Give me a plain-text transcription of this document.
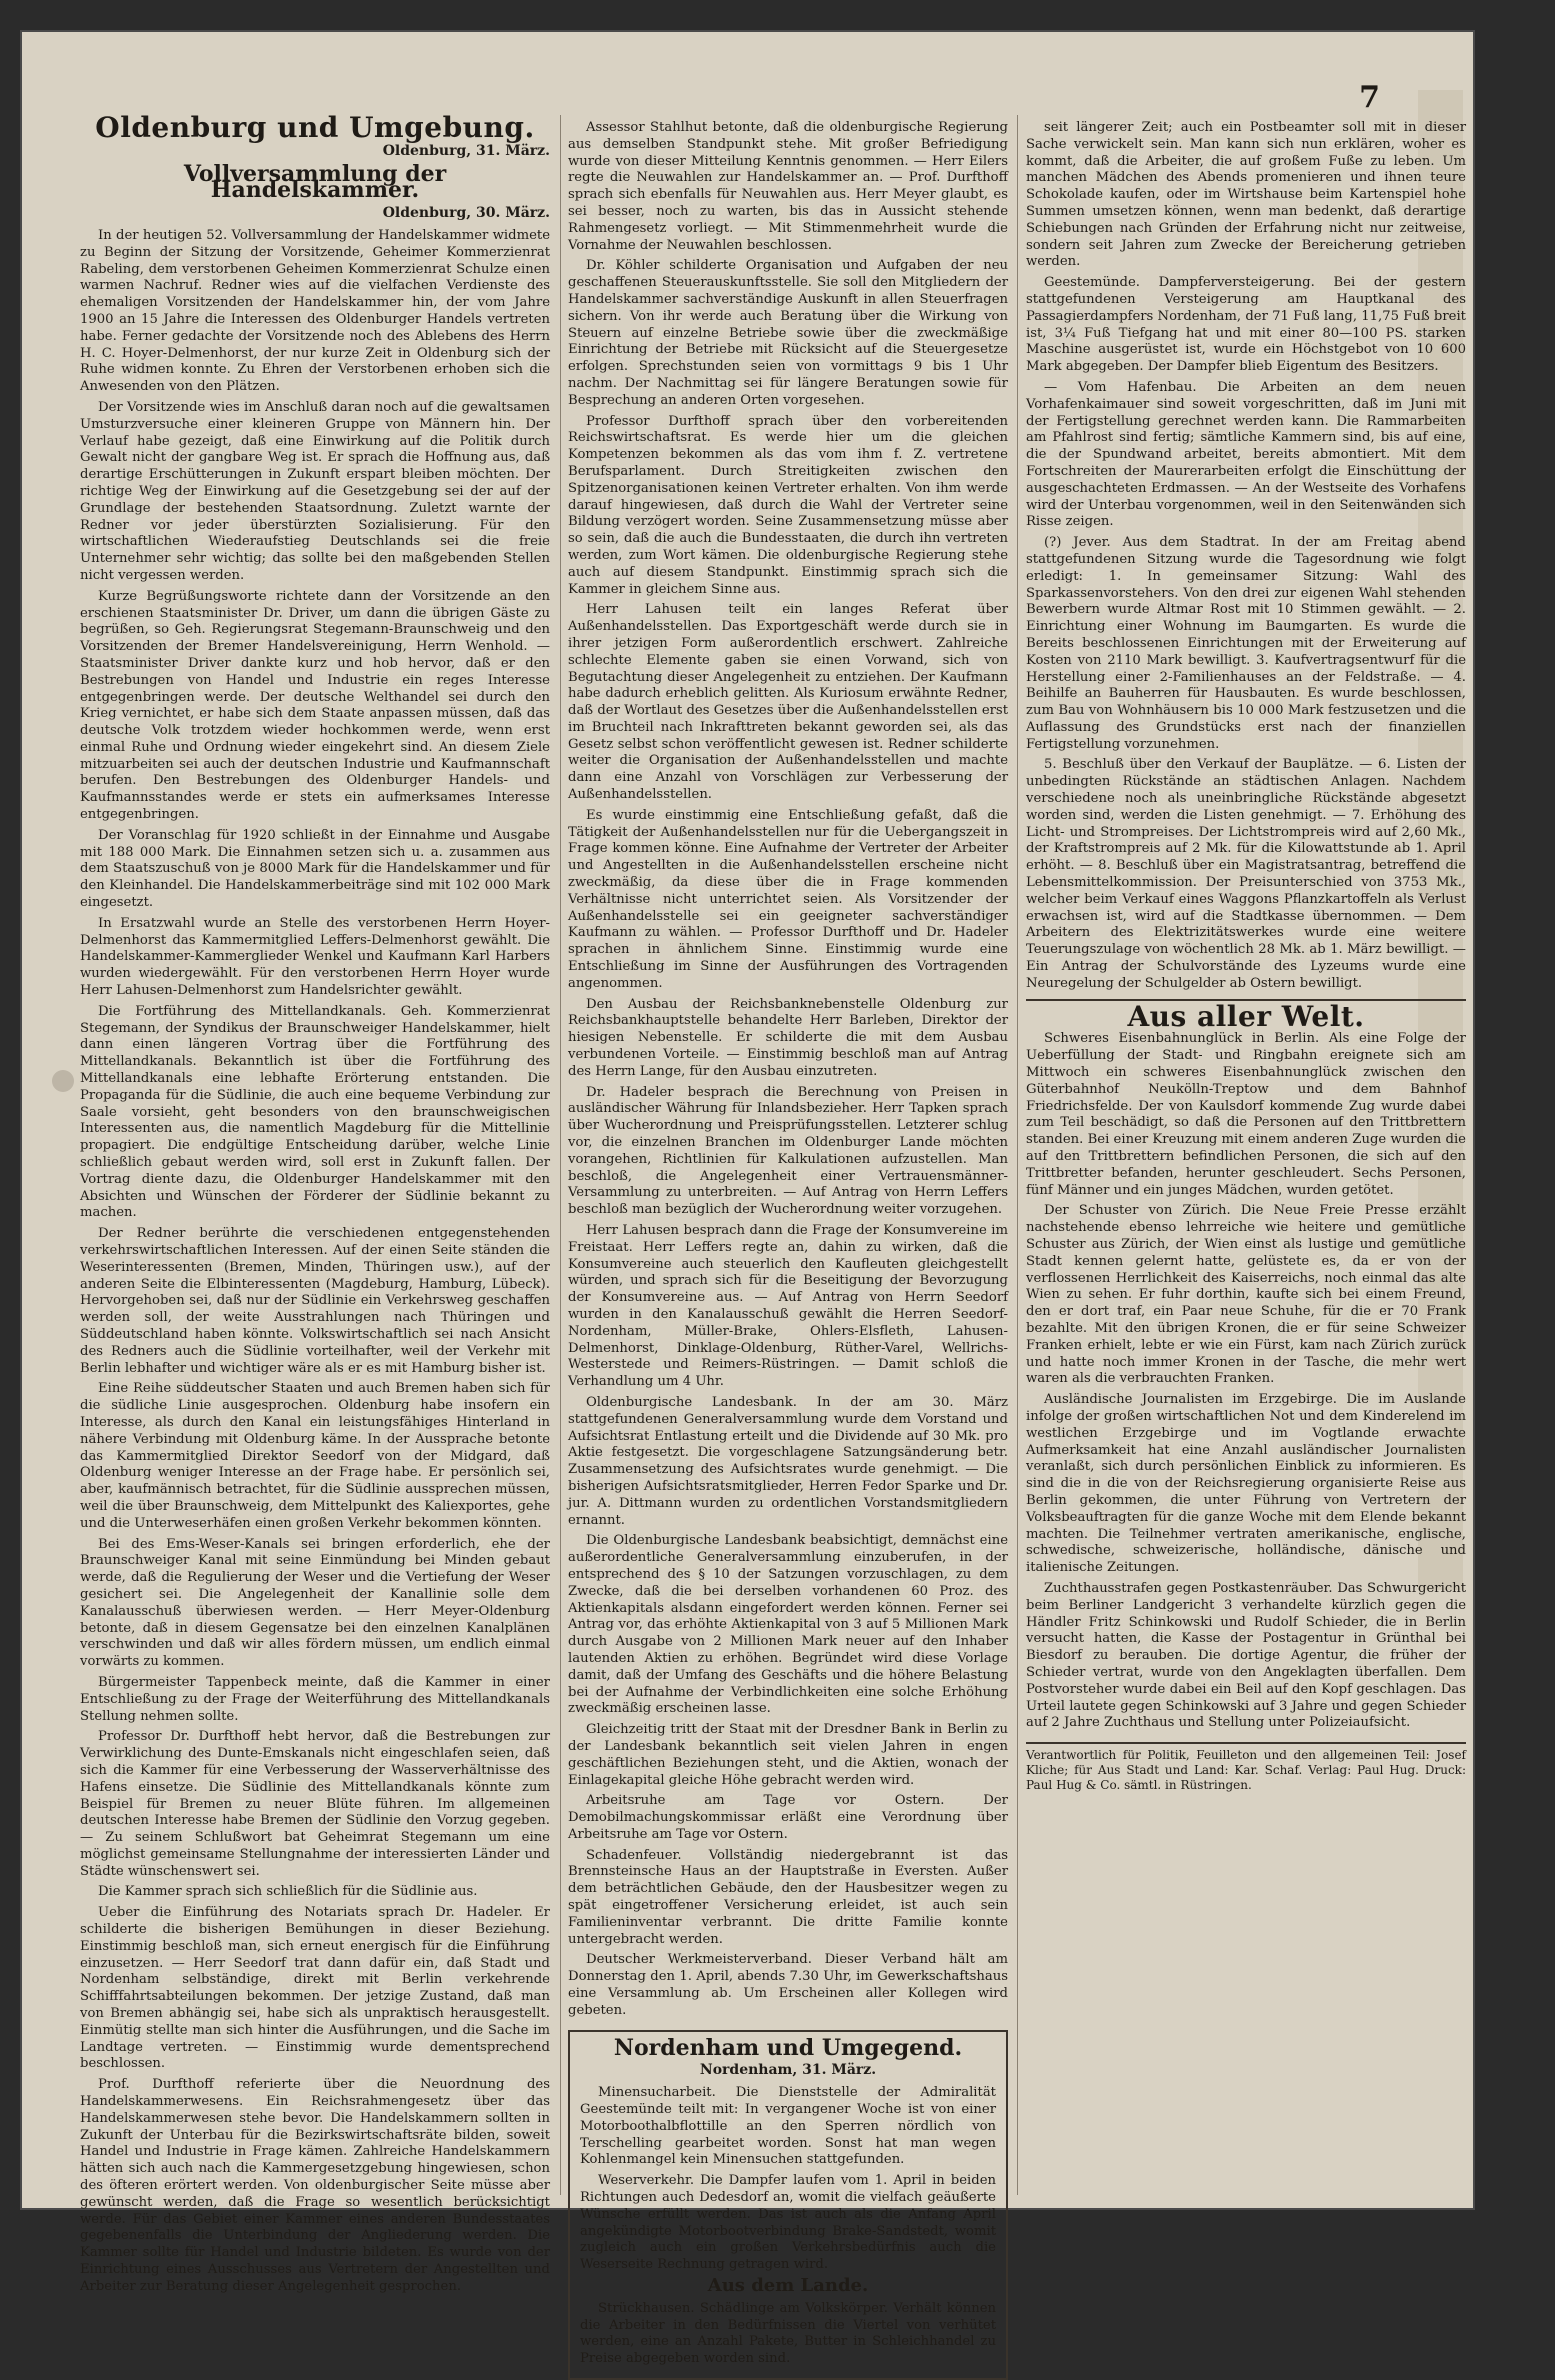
7
Oldenburg und Umgebung.
Oldenburg, 31. März.
Vollversammlung der Handelskammer.
Oldenburg, 30. März.

In der heutigen 52. Vollversammlung der Handelskammer widmete zu Beginn der Sitzung der Vorsitzende, Geheimer Kommerzienrat Rabeling, dem verstorbenen Geheimen Kommerzienrat Schulze einen warmen Nachruf. Redner wies auf die vielfachen Verdienste des ehemaligen Vorsitzenden der Handelskammer hin, der vom Jahre 1900 an 15 Jahre die Interessen des Oldenburger Handels vertreten habe. Ferner gedachte der Vorsitzende noch des Ablebens des Herrn H. C. Hoyer-Delmenhorst, der nur kurze Zeit in Oldenburg sich der Ruhe widmen konnte. Zu Ehren der Verstorbenen erhoben sich die Anwesenden von den Plätzen.

Der Vorsitzende wies im Anschluß daran noch auf die gewaltsamen Umsturzversuche einer kleineren Gruppe von Männern hin. Der Verlauf habe gezeigt, daß eine Einwirkung auf die Politik durch Gewalt nicht der gangbare Weg ist. Er sprach die Hoffnung aus, daß derartige Erschütterungen in Zukunft erspart bleiben möchten. Der richtige Weg der Einwirkung auf die Gesetzgebung sei der auf der Grundlage der bestehenden Staatsordnung. Zuletzt warnte der Redner vor jeder überstürzten Sozialisierung. Für den wirtschaftlichen Wiederaufstieg Deutschlands sei die freie Unternehmer sehr wichtig; das sollte bei den maßgebenden Stellen nicht vergessen werden.

Kurze Begrüßungsworte richtete dann der Vorsitzende an den erschienen Staatsminister Dr. Driver, um dann die übrigen Gäste zu begrüßen, so Geh. Regierungsrat Stegemann-Braunschweig und den Vorsitzenden der Bremer Handelsvereinigung, Herrn Wenhold. — Staatsminister Driver dankte kurz und hob hervor, daß er den Bestrebungen von Handel und Industrie ein reges Interesse entgegenbringen werde. Der deutsche Welthandel sei durch den Krieg vernichtet, er habe sich dem Staate anpassen müssen, daß das deutsche Volk trotzdem wieder hochkommen werde, wenn erst einmal Ruhe und Ordnung wieder eingekehrt sind. An diesem Ziele mitzuarbeiten sei auch der deutschen Industrie und Kaufmannschaft berufen. Den Bestrebungen des Oldenburger Handels- und Kaufmannsstandes werde er stets ein aufmerksames Interesse entgegenbringen.

Der Voranschlag für 1920 schließt in der Einnahme und Ausgabe mit 188 000 Mark. Die Einnahmen setzen sich u. a. zusammen aus dem Staatszuschuß von je 8000 Mark für die Handelskammer und für den Kleinhandel. Die Handelskammerbeiträge sind mit 102 000 Mark eingesetzt.

In Ersatzwahl wurde an Stelle des verstorbenen Herrn Hoyer-Delmenhorst das Kammermitglied Leffers-Delmenhorst gewählt. Die Handelskammer-Kammerglieder Wenkel und Kaufmann Karl Harbers wurden wiedergewählt. Für den verstorbenen Herrn Hoyer wurde Herr Lahusen-Delmenhorst zum Handelsrichter gewählt.

Die Fortführung des Mittellandkanals. Geh. Kommerzienrat Stegemann, der Syndikus der Braunschweiger Handelskammer, hielt dann einen längeren Vortrag über die Fortführung des Mittellandkanals. Bekanntlich ist über die Fortführung des Mittellandkanals eine lebhafte Erörterung entstanden. Die Propaganda für die Südlinie, die auch eine bequeme Verbindung zur Saale vorsieht, geht besonders von den braunschweigischen Interessenten aus, die namentlich Magdeburg für die Mittellinie propagiert. Die endgültige Entscheidung darüber, welche Linie schließlich gebaut werden wird, soll erst in Zukunft fallen. Der Vortrag diente dazu, die Oldenburger Handelskammer mit den Absichten und Wünschen der Förderer der Südlinie bekannt zu machen.

Der Redner berührte die verschiedenen entgegenstehenden verkehrswirtschaftlichen Interessen. Auf der einen Seite ständen die Weserinteressenten (Bremen, Minden, Thüringen usw.), auf der anderen Seite die Elbinteressenten (Magdeburg, Hamburg, Lübeck). Hervorgehoben sei, daß nur der Südlinie ein Verkehrsweg geschaffen werden soll, der weite Ausstrahlungen nach Thüringen und Süddeutschland haben könnte. Volkswirtschaftlich sei nach Ansicht des Redners auch die Südlinie vorteilhafter, weil der Verkehr mit Berlin lebhafter und wichtiger wäre als er es mit Hamburg bisher ist.

Eine Reihe süddeutscher Staaten und auch Bremen haben sich für die südliche Linie ausgesprochen. Oldenburg habe insofern ein Interesse, als durch den Kanal ein leistungsfähiges Hinterland in nähere Verbindung mit Oldenburg käme. In der Aussprache betonte das Kammermitglied Direktor Seedorf von der Midgard, daß Oldenburg weniger Interesse an der Frage habe. Er persönlich sei, aber, kaufmännisch betrachtet, für die Südlinie aussprechen müssen, weil die über Braunschweig, dem Mittelpunkt des Kaliexportes, gehe und die Unterweserhäfen einen großen Verkehr bekommen könnten.

Bei des Ems-Weser-Kanals sei bringen erforderlich, ehe der Braunschweiger Kanal mit seine Einmündung bei Minden gebaut werde, daß die Regulierung der Weser und die Vertiefung der Weser gesichert sei. Die Angelegenheit der Kanallinie solle dem Kanalausschuß überwiesen werden. — Herr Meyer-Oldenburg betonte, daß in diesem Gegensatze bei den einzelnen Kanalplänen verschwinden und daß wir alles fördern müssen, um endlich einmal vorwärts zu kommen.

Bürgermeister Tappenbeck meinte, daß die Kammer in einer Entschließung zu der Frage der Weiterführung des Mittellandkanals Stellung nehmen sollte.

Professor Dr. Durfthoff hebt hervor, daß die Bestrebungen zur Verwirklichung des Dunte-Emskanals nicht eingeschlafen seien, daß sich die Kammer für eine Verbesserung der Wasserverhältnisse des Hafens einsetze. Die Südlinie des Mittellandkanals könnte zum Beispiel für Bremen zu neuer Blüte führen. Im allgemeinen deutschen Interesse habe Bremen der Südlinie den Vorzug gegeben. — Zu seinem Schlußwort bat Geheimrat Stegemann um eine möglichst gemeinsame Stellungnahme der interessierten Länder und Städte wünschenswert sei.

Die Kammer sprach sich schließlich für die Südlinie aus.

Ueber die Einführung des Notariats sprach Dr. Hadeler. Er schilderte die bisherigen Bemühungen in dieser Beziehung. Einstimmig beschloß man, sich erneut energisch für die Einführung einzusetzen. — Herr Seedorf trat dann dafür ein, daß Stadt und Nordenham selbständige, direkt mit Berlin verkehrende Schifffahrtsabteilungen bekommen. Der jetzige Zustand, daß man von Bremen abhängig sei, habe sich als unpraktisch herausgestellt. Einmütig stellte man sich hinter die Ausführungen, und die Sache im Landtage vertreten. — Einstimmig wurde dementsprechend beschlossen.

Prof. Durfthoff referierte über die Neuordnung des Handelskammerwesens. Ein Reichsrahmengesetz über das Handelskammerwesen stehe bevor. Die Handelskammern sollten in Zukunft der Unterbau für die Bezirkswirtschaftsräte bilden, soweit Handel und Industrie in Frage kämen. Zahlreiche Handelskammern hätten sich auch nach die Kammergesetzgebung hingewiesen, schon des öfteren erörtert werden. Von oldenburgischer Seite müsse aber gewünscht werden, daß die Frage so wesentlich berücksichtigt werde. Für das Gebiet einer Kammer eines anderen Bundesstaates gegebenenfalls die Unterbindung der Angliederung werden. Die Kammer sollte für Handel und Industrie bildeten. Es wurde von der Einrichtung eines Ausschusses aus Vertretern der Angestellten und Arbeiter zur Beratung dieser Angelegenheit gesprochen.

Assessor Stahlhut betonte, daß die oldenburgische Regierung aus demselben Standpunkt stehe. Mit großer Befriedigung wurde von dieser Mitteilung Kenntnis genommen. — Herr Eilers regte die Neuwahlen zur Handelskammer an. — Prof. Durfthoff sprach sich ebenfalls für Neuwahlen aus. Herr Meyer glaubt, es sei besser, noch zu warten, bis das in Aussicht stehende Rahmengesetz vorliegt. — Mit Stimmenmehrheit wurde die Vornahme der Neuwahlen beschlossen.

Dr. Köhler schilderte Organisation und Aufgaben der neu geschaffenen Steuerauskunftsstelle. Sie soll den Mitgliedern der Handelskammer sachverständige Auskunft in allen Steuerfragen sichern. Von ihr werde auch Beratung über die Wirkung von Steuern auf einzelne Betriebe sowie über die zweckmäßige Einrichtung der Betriebe mit Rücksicht auf die Steuergesetze erfolgen. Sprechstunden seien von vormittags 9 bis 1 Uhr nachm. Der Nachmittag sei für längere Beratungen sowie für Besprechung an anderen Orten vorgesehen.

Professor Durfthoff sprach über den vorbereitenden Reichswirtschaftsrat. Es werde hier um die gleichen Kompetenzen bekommen als das vom ihm f. Z. vertretene Berufsparlament. Durch Streitigkeiten zwischen den Spitzenorganisationen keinen Vertreter erhalten. Von ihm werde darauf hingewiesen, daß durch die Wahl der Vertreter seine Bildung verzögert worden. Seine Zusammensetzung müsse aber so sein, daß die auch die Bundesstaaten, die durch ihn vertreten werden, zum Wort kämen. Die oldenburgische Regierung stehe auch auf diesem Standpunkt. Einstimmig sprach sich die Kammer in gleichem Sinne aus.

Herr Lahusen teilt ein langes Referat über Außenhandelsstellen. Das Exportgeschäft werde durch sie in ihrer jetzigen Form außerordentlich erschwert. Zahlreiche schlechte Elemente gaben sie einen Vorwand, sich von Begutachtung dieser Angelegenheit zu entziehen. Der Kaufmann habe dadurch erheblich gelitten. Als Kuriosum erwähnte Redner, daß der Wortlaut des Gesetzes über die Außenhandelsstellen erst im Bruchteil nach Inkrafttreten bekannt geworden sei, als das Gesetz selbst schon veröffentlicht gewesen ist. Redner schilderte weiter die Organisation der Außenhandelsstellen und machte dann eine Anzahl von Vorschlägen zur Verbesserung der Außenhandelsstellen.

Es wurde einstimmig eine Entschließung gefaßt, daß die Tätigkeit der Außenhandelsstellen nur für die Uebergangszeit in Frage kommen könne. Eine Aufnahme der Vertreter der Arbeiter und Angestellten in die Außenhandelsstellen erscheine nicht zweckmäßig, da diese über die in Frage kommenden Verhältnisse nicht unterrichtet seien. Als Vorsitzender der Außenhandelsstelle sei ein geeigneter sachverständiger Kaufmann zu wählen. — Professor Durfthoff und Dr. Hadeler sprachen in ähnlichem Sinne. Einstimmig wurde eine Entschließung im Sinne der Ausführungen des Vortragenden angenommen.

Den Ausbau der Reichsbanknebenstelle Oldenburg zur Reichsbankhauptstelle behandelte Herr Barleben, Direktor der hiesigen Nebenstelle. Er schilderte die mit dem Ausbau verbundenen Vorteile. — Einstimmig beschloß man auf Antrag des Herrn Lange, für den Ausbau einzutreten.

Dr. Hadeler besprach die Berechnung von Preisen in ausländischer Währung für Inlandsbezieher. Herr Tapken sprach über Wucherordnung und Preisprüfungsstellen. Letzterer schlug vor, die einzelnen Branchen im Oldenburger Lande möchten vorangehen, Richtlinien für Kalkulationen aufzustellen. Man beschloß, die Angelegenheit einer Vertrauensmänner-Versammlung zu unterbreiten. — Auf Antrag von Herrn Leffers beschloß man bezüglich der Wucherordnung weiter vorzugehen.

Herr Lahusen besprach dann die Frage der Konsumvereine im Freistaat. Herr Leffers regte an, dahin zu wirken, daß die Konsumvereine auch steuerlich den Kaufleuten gleichgestellt würden, und sprach sich für die Beseitigung der Bevorzugung der Konsumvereine aus. — Auf Antrag von Herrn Seedorf wurden in den Kanalausschuß gewählt die Herren Seedorf-Nordenham, Müller-Brake, Ohlers-Elsfleth, Lahusen-Delmenhorst, Dinklage-Oldenburg, Rüther-Varel, Wellrichs-Westerstede und Reimers-Rüstringen. — Damit schloß die Verhandlung um 4 Uhr.

Oldenburgische Landesbank. In der am 30. März stattgefundenen Generalversammlung wurde dem Vorstand und Aufsichtsrat Entlastung erteilt und die Dividende auf 30 Mk. pro Aktie festgesetzt. Die vorgeschlagene Satzungsänderung betr. Zusammensetzung des Aufsichtsrates wurde genehmigt. — Die bisherigen Aufsichtsratsmitglieder, Herren Fedor Sparke und Dr. jur. A. Dittmann wurden zu ordentlichen Vorstandsmitgliedern ernannt.

Die Oldenburgische Landesbank beabsichtigt, demnächst eine außerordentliche Generalversammlung einzuberufen, in der entsprechend des § 10 der Satzungen vorzuschlagen, zu dem Zwecke, daß die bei derselben vorhandenen 60 Proz. des Aktienkapitals alsdann eingefordert werden können. Ferner sei Antrag vor, das erhöhte Aktienkapital von 3 auf 5 Millionen Mark durch Ausgabe von 2 Millionen Mark neuer auf den Inhaber lautenden Aktien zu erhöhen. Begründet wird diese Vorlage damit, daß der Umfang des Geschäfts und die höhere Belastung bei der Aufnahme der Verbindlichkeiten eine solche Erhöhung zweckmäßig erscheinen lasse.

Gleichzeitig tritt der Staat mit der Dresdner Bank in Berlin zu der Landesbank bekanntlich seit vielen Jahren in engen geschäftlichen Beziehungen steht, und die Aktien, wonach der Einlagekapital gleiche Höhe gebracht werden wird.

Arbeitsruhe am Tage vor Ostern. Der Demobilmachungskommissar erläßt eine Verordnung über Arbeitsruhe am Tage vor Ostern.

Schadenfeuer. Vollständig niedergebrannt ist das Brennsteinsche Haus an der Hauptstraße in Eversten. Außer dem beträchtlichen Gebäude, den der Hausbesitzer wegen zu spät eingetroffener Versicherung erleidet, ist auch sein Familieninventar verbrannt. Die dritte Familie konnte untergebracht werden.

Deutscher Werkmeisterverband. Dieser Verband hält am Donnerstag den 1. April, abends 7.30 Uhr, im Gewerkschaftshaus eine Versammlung ab. Um Erscheinen aller Kollegen wird gebeten.

Nordenham und Umgegend.
Nordenham, 31. März.

Minensucharbeit. Die Dienststelle der Admiralität Geestemünde teilt mit: In vergangener Woche ist von einer Motorboothalbflottille an den Sperren nördlich von Terschelling gearbeitet worden. Sonst hat man wegen Kohlenmangel kein Minensuchen stattgefunden.

Weserverkehr. Die Dampfer laufen vom 1. April in beiden Richtungen auch Dedesdorf an, womit die vielfach geäußerte Wünsche erfüllt werden. Das ist auch als die Anfang April angekündigte Motorbootverbindung Brake-Sandstedt, womit zugleich auch ein großen Verkehrsbedürfnis auch die Weserseite Rechnung getragen wird.

Aus dem Lande.

Strückhausen. Schädlinge am Volkskörper. Verhält können die Arbeiter in den Bedürfnissen die Viertel von verhütet werden, eine an Anzahl Pakete, Butter in Schleichhandel zu Preise abgegeben worden sind.

seit längerer Zeit; auch ein Postbeamter soll mit in dieser Sache verwickelt sein. Man kann sich nun erklären, woher es kommt, daß die Arbeiter, die auf großem Fuße zu leben. Um manchen Mädchen des Abends promenieren und ihnen teure Schokolade kaufen, oder im Wirtshause beim Kartenspiel hohe Summen umsetzen können, wenn man bedenkt, daß derartige Schiebungen nach Gründen der Erfahrung nicht nur zeitweise, sondern seit Jahren zum Zwecke der Bereicherung getrieben werden.

Geestemünde. Dampferversteigerung. Bei der gestern stattgefundenen Versteigerung am Hauptkanal des Passagierdampfers Nordenham, der 71 Fuß lang, 11,75 Fuß breit ist, 3¼ Fuß Tiefgang hat und mit einer 80—100 PS. starken Maschine ausgerüstet ist, wurde ein Höchstgebot von 10 600 Mark abgegeben. Der Dampfer blieb Eigentum des Besitzers.

— Vom Hafenbau. Die Arbeiten an dem neuen Vorhafenkaimauer sind soweit vorgeschritten, daß im Juni mit der Fertigstellung gerechnet werden kann. Die Rammarbeiten am Pfahlrost sind fertig; sämtliche Kammern sind, bis auf eine, die der Spundwand arbeitet, bereits abmontiert. Mit dem Fortschreiten der Maurerarbeiten erfolgt die Einschüttung der ausgeschachteten Erdmassen. — An der Westseite des Vorhafens wird der Unterbau vorgenommen, weil in den Seitenwänden sich Risse zeigen.

(?) Jever. Aus dem Stadtrat. In der am Freitag abend stattgefundenen Sitzung wurde die Tagesordnung wie folgt erledigt: 1. In gemeinsamer Sitzung: Wahl des Sparkassenvorstehers. Von den drei zur eigenen Wahl stehenden Bewerbern wurde Altmar Rost mit 10 Stimmen gewählt. — 2. Einrichtung einer Wohnung im Baumgarten. Es wurde die Bereits beschlossenen Einrichtungen mit der Erweiterung auf Kosten von 2110 Mark bewilligt. 3. Kaufvertragsentwurf für die Herstellung einer 2-Familienhauses an der Feldstraße. — 4. Beihilfe an Bauherren für Hausbauten. Es wurde beschlossen, zum Bau von Wohnhäusern bis 10 000 Mark festzusetzen und die Auflassung des Grundstücks erst nach der finanziellen Fertigstellung vorzunehmen.

5. Beschluß über den Verkauf der Bauplätze. — 6. Listen der unbedingten Rückstände an städtischen Anlagen. Nachdem verschiedene noch als uneinbringliche Rückstände abgesetzt worden sind, werden die Listen genehmigt. — 7. Erhöhung des Licht- und Strompreises. Der Lichtstrompreis wird auf 2,60 Mk., der Kraftstrompreis auf 2 Mk. für die Kilowattstunde ab 1. April erhöht. — 8. Beschluß über ein Magistratsantrag, betreffend die Lebensmittelkommission. Der Preisunterschied von 3753 Mk., welcher beim Verkauf eines Waggons Pflanzkartoffeln als Verlust erwachsen ist, wird auf die Stadtkasse übernommen. — Dem Arbeitern des Elektrizitätswerkes wurde eine weitere Teuerungszulage von wöchentlich 28 Mk. ab 1. März bewilligt. — Ein Antrag der Schulvorstände des Lyzeums wurde eine Neuregelung der Schulgelder ab Ostern bewilligt.

Aus aller Welt.

Schweres Eisenbahnunglück in Berlin. Als eine Folge der Ueberfüllung der Stadt- und Ringbahn ereignete sich am Mittwoch ein schweres Eisenbahnunglück zwischen den Güterbahnhof Neukölln-Treptow und dem Bahnhof Friedrichsfelde. Der von Kaulsdorf kommende Zug wurde dabei zum Teil beschädigt, so daß die Personen auf den Trittbrettern standen. Bei einer Kreuzung mit einem anderen Zuge wurden die auf den Trittbrettern befindlichen Personen, die sich auf den Trittbretter befanden, herunter geschleudert. Sechs Personen, fünf Männer und ein junges Mädchen, wurden getötet.

Der Schuster von Zürich. Die Neue Freie Presse erzählt nachstehende ebenso lehrreiche wie heitere und gemütliche Schuster aus Zürich, der Wien einst als lustige und gemütliche Stadt kennen gelernt hatte, gelüstete es, da er von der verflossenen Herrlichkeit des Kaiserreichs, noch einmal das alte Wien zu sehen. Er fuhr dorthin, kaufte sich bei einem Freund, den er dort traf, ein Paar neue Schuhe, für die er 70 Frank bezahlte. Mit den übrigen Kronen, die er für seine Schweizer Franken erhielt, lebte er wie ein Fürst, kam nach Zürich zurück und hatte noch immer Kronen in der Tasche, die mehr wert waren als die verbrauchten Franken.

Ausländische Journalisten im Erzgebirge. Die im Auslande infolge der großen wirtschaftlichen Not und dem Kinderelend im westlichen Erzgebirge und im Vogtlande erwachte Aufmerksamkeit hat eine Anzahl ausländischer Journalisten veranlaßt, sich durch persönlichen Einblick zu informieren. Es sind die in die von der Reichsregierung organisierte Reise aus Berlin gekommen, die unter Führung von Vertretern der Volksbeauftragten für die ganze Woche mit dem Elende bekannt machten. Die Teilnehmer vertraten amerikanische, englische, schwedische, schweizerische, holländische, dänische und italienische Zeitungen.

Zuchthausstrafen gegen Postkastenräuber. Das Schwurgericht beim Berliner Landgericht 3 verhandelte kürzlich gegen die Händler Fritz Schinkowski und Rudolf Schieder, die in Berlin versucht hatten, die Kasse der Postagentur in Grünthal bei Biesdorf zu berauben. Die dortige Agentur, die früher der Schieder vertrat, wurde von den Angeklagten überfallen. Dem Postvorsteher wurde dabei ein Beil auf den Kopf geschlagen. Das Urteil lautete gegen Schinkowski auf 3 Jahre und gegen Schieder auf 2 Jahre Zuchthaus und Stellung unter Polizeiaufsicht.

Verantwortlich für Politik, Feuilleton und den allgemeinen Teil: Josef Kliche; für Aus Stadt und Land: Kar. Schaf. Verlag: Paul Hug. Druck: Paul Hug & Co. sämtl. in Rüstringen.
